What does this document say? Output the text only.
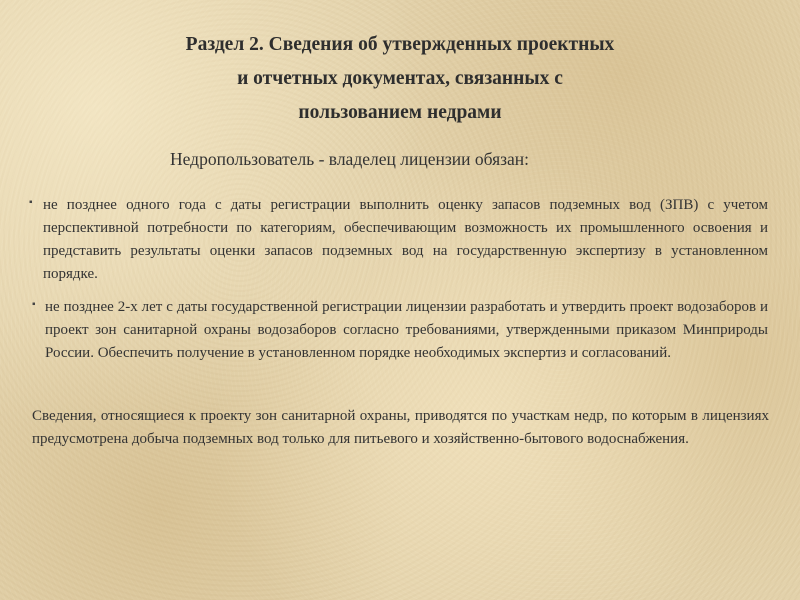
Раздел 2. Сведения об утвержденных проектных
и отчетных документах, связанных с
пользованием недрами

Недропользователь - владелец лицензии обязан:

▪ не позднее одного года с даты регистрации выполнить оценку запасов подземных вод (ЗПВ) с учетом перспективной потребности по категориям, обеспечивающим возможность их промышленного освоения и представить результаты оценки запасов подземных вод на государственную экспертизу в установленном порядке.
▪ не позднее 2-х лет с даты государственной регистрации лицензии разработать и утвердить проект водозаборов и проект зон санитарной охраны водозаборов согласно требованиями, утвержденными приказом Минприроды России. Обеспечить получение в установленном порядке необходимых экспертиз и согласований.

Сведения, относящиеся к проекту зон санитарной охраны, приводятся по участкам недр, по которым в лицензиях предусмотрена добыча подземных вод только для питьевого и хозяйственно-бытового водоснабжения.
